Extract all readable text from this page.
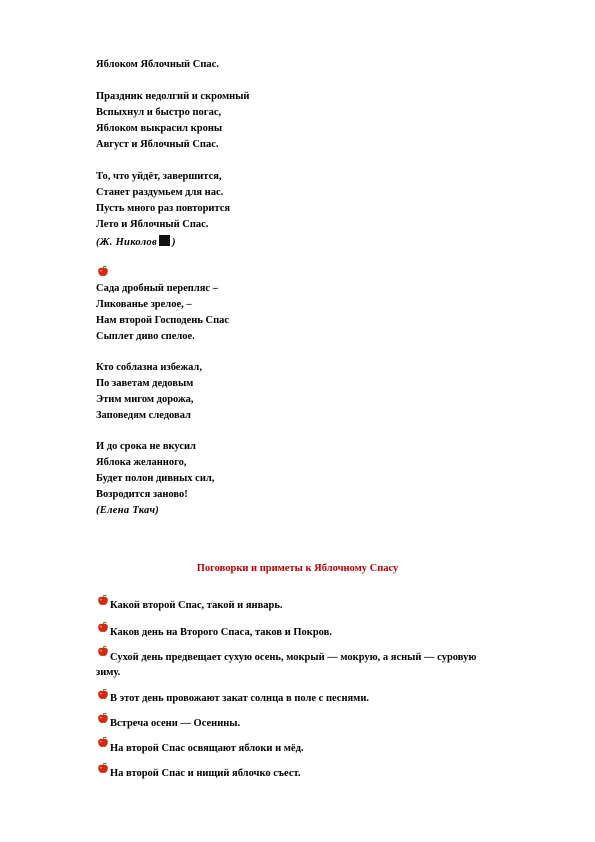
Яблоком Яблочный Спас.
Праздник недолгий и скромный
Вспыхнул и быстро погас,
Яблоком выкрасил кроны
Август и Яблочный Спас.
То, что уйдёт, завершится,
Станет раздумьем для нас.
Пусть много раз повторится
Лето и Яблочный Спас.
(Ж. Николов )
Сада дробный перепляс –
Ликованье зрелое, –
Нам второй Господень Спас
Сыплет диво спелое.
Кто соблазна избежал,
По заветам дедовым
Этим мигом дорожа,
Заповедям следовал
И до срока не вкусил
Яблока желанного,
Будет полон дивных сил,
Возродится заново!
(Елена Ткач)
Поговорки и приметы к Яблочному Спасу
Какой второй Спас, такой и январь.
Каков день на Второго Спаса, таков и Покров.
Сухой день предвещает сухую осень, мокрый — мокрую, а ясный — суровую
зиму.
В этот день провожают закат солнца в поле с песнями.
Встреча осени — Осенины.
На второй Спас освящают яблоки и мёд.
На второй Спас и нищий яблочко съест.
